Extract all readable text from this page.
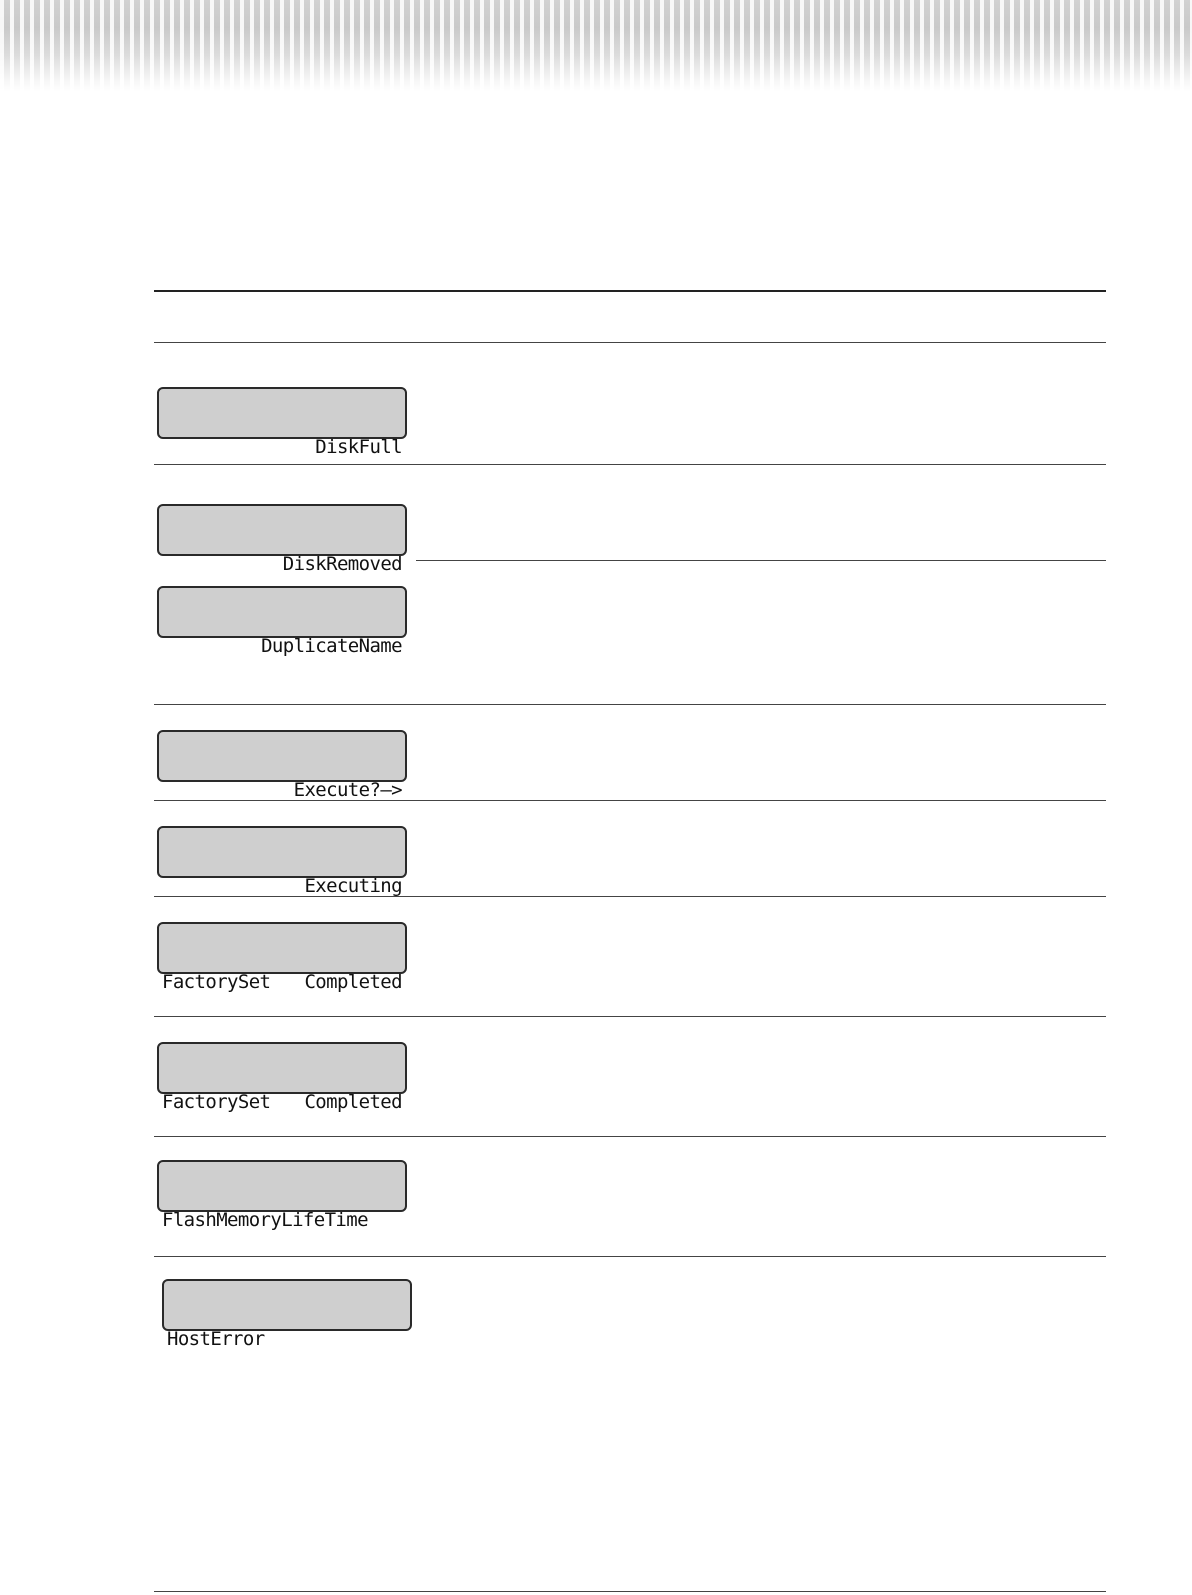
DiskFull

DiskRemoved

DuplicateName

Execute?—>

Executing

FactorySet Completed

FactorySet Completed

FlashMemoryLifeTime

HostError
